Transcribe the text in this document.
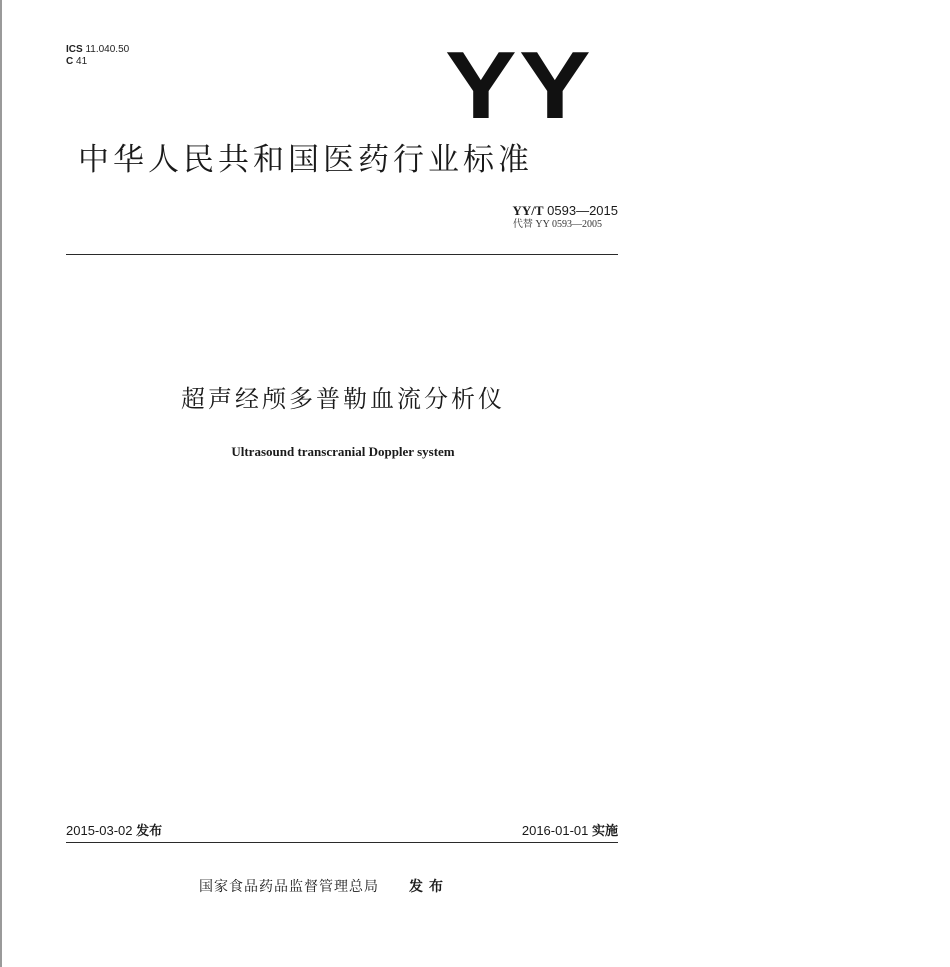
ICS 11.040.50
C 41	YY
中华人民共和国医药行业标准
YY/T 0593—2015
代替 YY 0593—2005
超声经颅多普勒血流分析仪
Ultrasound transcranial Doppler system
2015-03-02 发布	2016-01-01 实施
国家食品药品监督管理总局 发布
